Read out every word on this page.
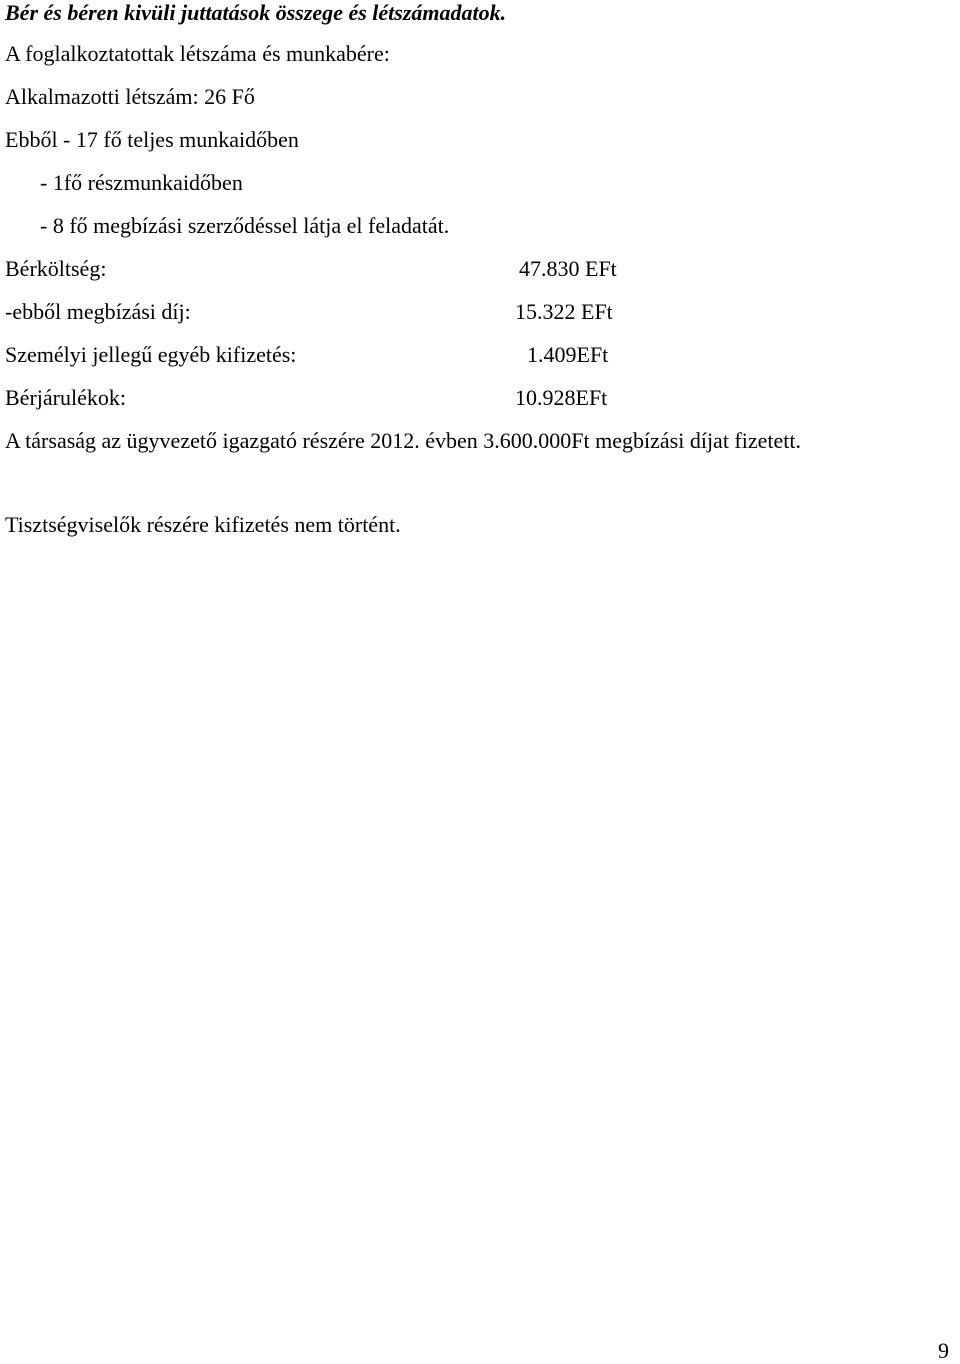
Bér és béren kivüli juttatások összege és létszámadatok.
A foglalkoztatottak létszáma és munkabére:
Alkalmazotti létszám: 26 Fő
Ebből - 17 fő teljes munkaidőben
- 1fő részmunkaidőben
- 8 fő megbízási szerződéssel látja el feladatát.
Bérköltség:	47.830 EFt
-ebből megbízási díj:	15.322 EFt
Személyi jellegű egyéb kifizetés:	1.409EFt
Bérjárulékok:	10.928EFt
A társaság az ügyvezető igazgató részére 2012. évben 3.600.000Ft megbízási díjat fizetett.
Tisztségviselők részére kifizetés nem történt.
9
